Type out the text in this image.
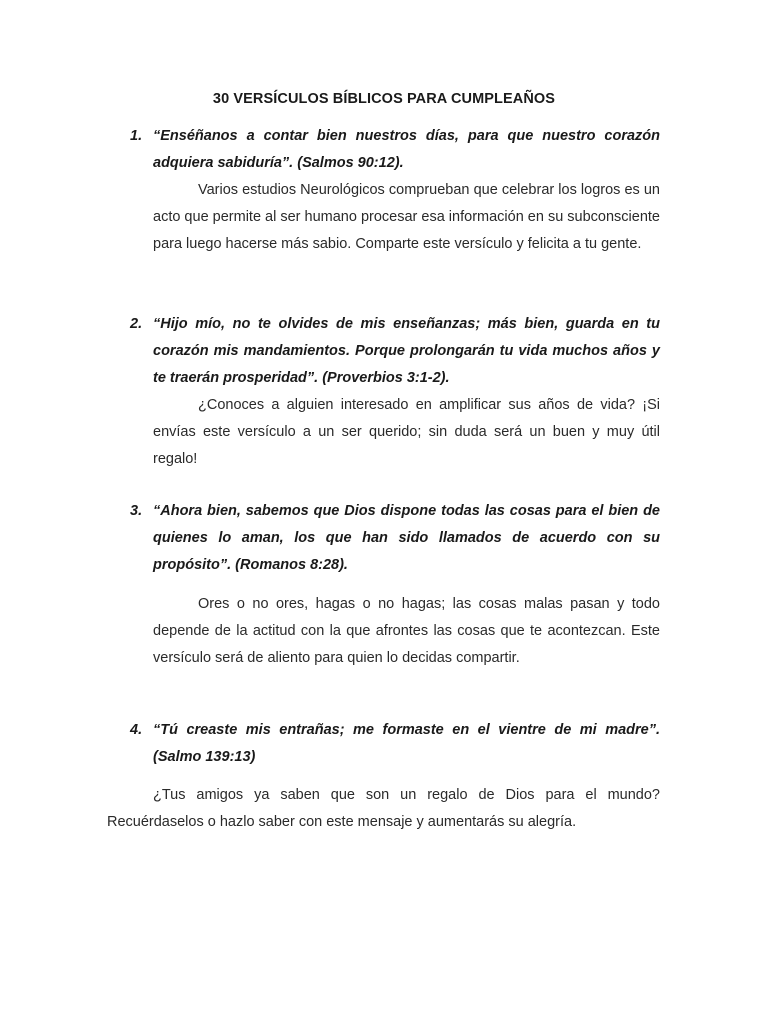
30 VERSÍCULOS BÍBLICOS PARA CUMPLEAÑOS
1. “Enséñanos a contar bien nuestros días, para que nuestro corazón adquiera sabiduría”. (Salmos 90:12).
Varios estudios Neurológicos comprueban que celebrar los logros es un acto que permite al ser humano procesar esa información en su subconsciente para luego hacerse más sabio. Comparte este versículo y felicita a tu gente.
2. “Hijo mío, no te olvides de mis enseñanzas; más bien, guarda en tu corazón mis mandamientos. Porque prolongarán tu vida muchos años y te traerán prosperidad”. (Proverbios 3:1-2).
¿Conoces a alguien interesado en amplificar sus años de vida? ¡Si envías este versículo a un ser querido; sin duda será un buen y muy útil regalo!
3. “Ahora bien, sabemos que Dios dispone todas las cosas para el bien de quienes lo aman, los que han sido llamados de acuerdo con su propósito”. (Romanos 8:28).
Ores o no ores, hagas o no hagas; las cosas malas pasan y todo depende de la actitud con la que afrontes las cosas que te acontezcan. Este versículo será de aliento para quien lo decidas compartir.
4. “Tú creaste mis entrañas; me formaste en el vientre de mi madre”. (Salmo 139:13)
¿Tus amigos ya saben que son un regalo de Dios para el mundo? Recuérdaselos o hazlo saber con este mensaje y aumentarás su alegría.
